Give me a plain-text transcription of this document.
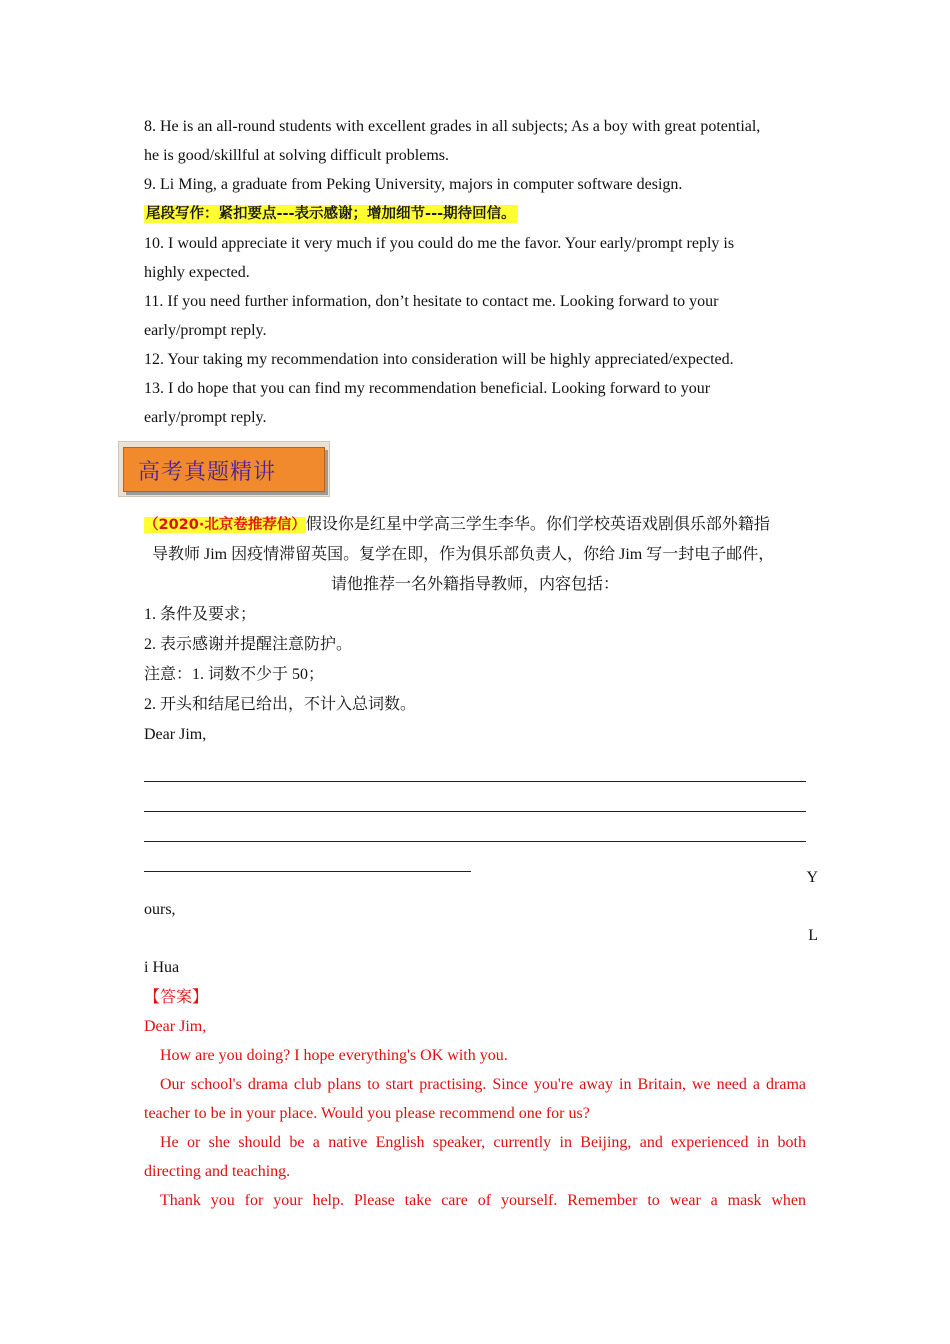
8. He is an all-round students with excellent grades in all subjects; As a boy with great potential,

he is good/skillful at solving difficult problems.

9. Li Ming, a graduate from Peking University, majors in computer software design.

尾段写作：紧扣要点---表示感谢；增加细节---期待回信。

10. I would appreciate it very much if you could do me the favor. Your early/prompt reply is

highly expected.

11. If you need further information, don’t hesitate to contact me. Looking forward to your

early/prompt reply.

12. Your taking my recommendation into consideration will be highly appreciated/expected.

13. I do hope that you can find my recommendation beneficial. Looking forward to your

early/prompt reply.

高考真题精讲

（2020·北京卷推荐信）假设你是红星中学高三学生李华。你们学校英语戏剧俱乐部外籍指

导教师 Jim 因疫情滞留英国。复学在即，作为俱乐部负责人，你给 Jim 写一封电子邮件，

请他推荐一名外籍指导教师，内容包括：

1. 条件及要求；

2. 表示感谢并提醒注意防护。

注意：1. 词数不少于 50；

2. 开头和结尾已给出，不计入总词数。

Dear Jim,

Y

ours,

L

i Hua

【答案】

Dear Jim,

How are you doing? I hope everything's OK with you.

Our school's drama club plans to start practising. Since you're away in Britain, we need a drama

teacher to be in your place. Would you please recommend one for us?

He or she should be a native English speaker, currently in Beijing, and experienced in both

directing and teaching.

Thank you for your help. Please take care of yourself. Remember to wear a mask when
